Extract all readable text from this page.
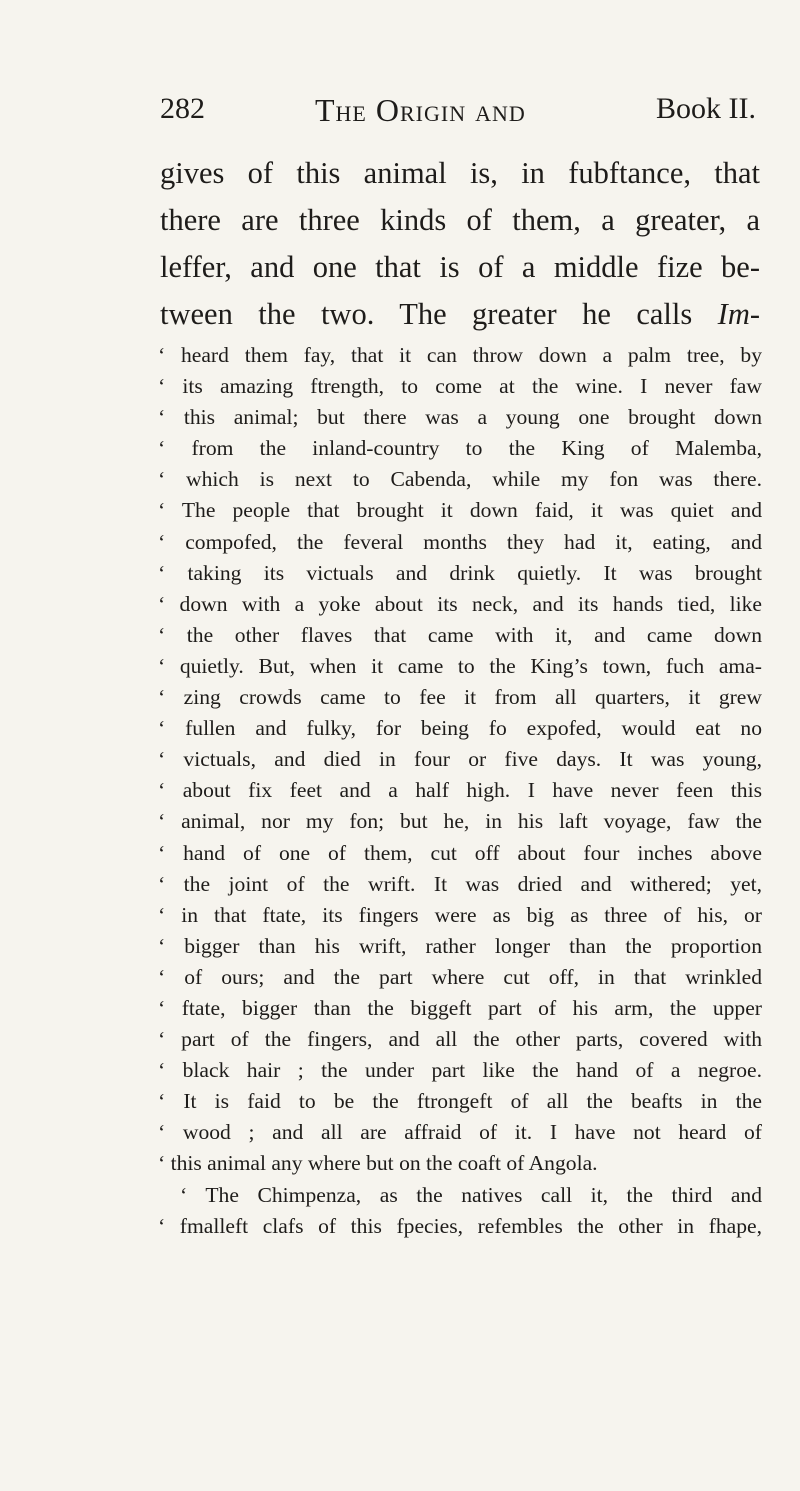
282	The Origin and	Book II.
gives of this animal is, in fubftance, that
there are three kinds of them, a greater, a
leffer, and one that is of a middle fize be-
tween the two. The greater he calls Im-
‘ heard them fay, that it can throw down a palm tree, by
‘ its amazing ftrength, to come at the wine. I never faw
‘ this animal; but there was a young one brought down
‘ from the inland-country to the King of Malemba,
‘ which is next to Cabenda, while my fon was there.
‘ The people that brought it down faid, it was quiet and
‘ compofed, the feveral months they had it, eating, and
‘ taking its victuals and drink quietly. It was brought
‘ down with a yoke about its neck, and its hands tied, like
‘ the other flaves that came with it, and came down
‘ quietly. But, when it came to the King’s town, fuch ama-
‘ zing crowds came to fee it from all quarters, it grew
‘ fullen and fulky, for being fo expofed, would eat no
‘ victuals, and died in four or five days. It was young,
‘ about fix feet and a half high. I have never feen this
‘ animal, nor my fon; but he, in his laft voyage, faw the
‘ hand of one of them, cut off about four inches above
‘ the joint of the wrift. It was dried and withered; yet,
‘ in that ftate, its fingers were as big as three of his, or
‘ bigger than his wrift, rather longer than the proportion
‘ of ours; and the part where cut off, in that wrinkled
‘ ftate, bigger than the biggeft part of his arm, the upper
‘ part of the fingers, and all the other parts, covered with
‘ black hair ; the under part like the hand of a negroe.
‘ It is faid to be the ftrongeft of all the beafts in the
‘ wood ; and all are affraid of it. I have not heard of
‘ this animal any where but on the coaft of Angola.
‘ The Chimpenza, as the natives call it, the third and
‘ fmalleft clafs of this fpecies, refembles the other in fhape,
